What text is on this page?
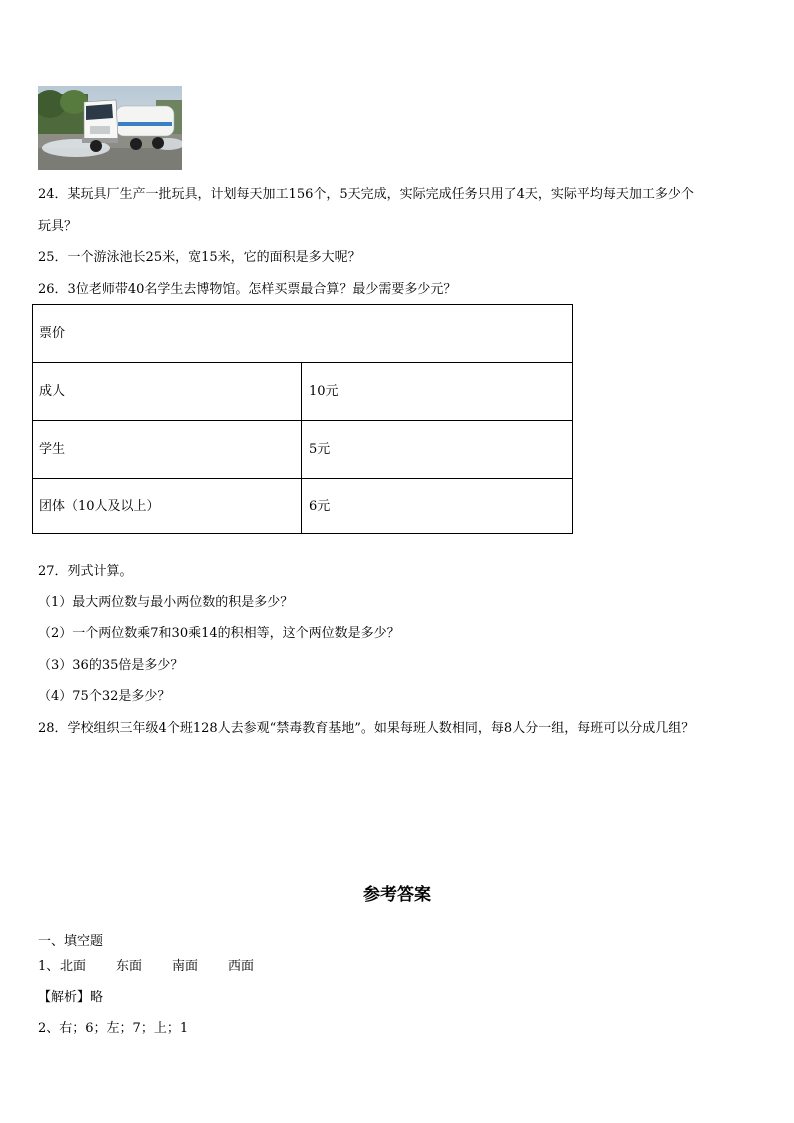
24．某玩具厂生产一批玩具，计划每天加工156个，5天完成，实际完成任务只用了4天，实际平均每天加工多少个
玩具？
25．一个游泳池长25米，宽15米，它的面积是多大呢？
26．3位老师带40名学生去博物馆。怎样买票最合算？最少需要多少元？
票价
成人	10元
学生	5元
团体（10人及以上）	6元
27．列式计算。
（1）最大两位数与最小两位数的积是多少？
（2）一个两位数乘7和30乘14的积相等，这个两位数是多少？
（3）36的35倍是多少？
（4）75个32是多少？
28．学校组织三年级4个班128人去参观“禁毒教育基地”。如果每班人数相同，每8人分一组，每班可以分成几组？
参考答案
一、填空题
1、 北面 东面 南面 西面
【解析】略
2、右；6；左；7；上；1
